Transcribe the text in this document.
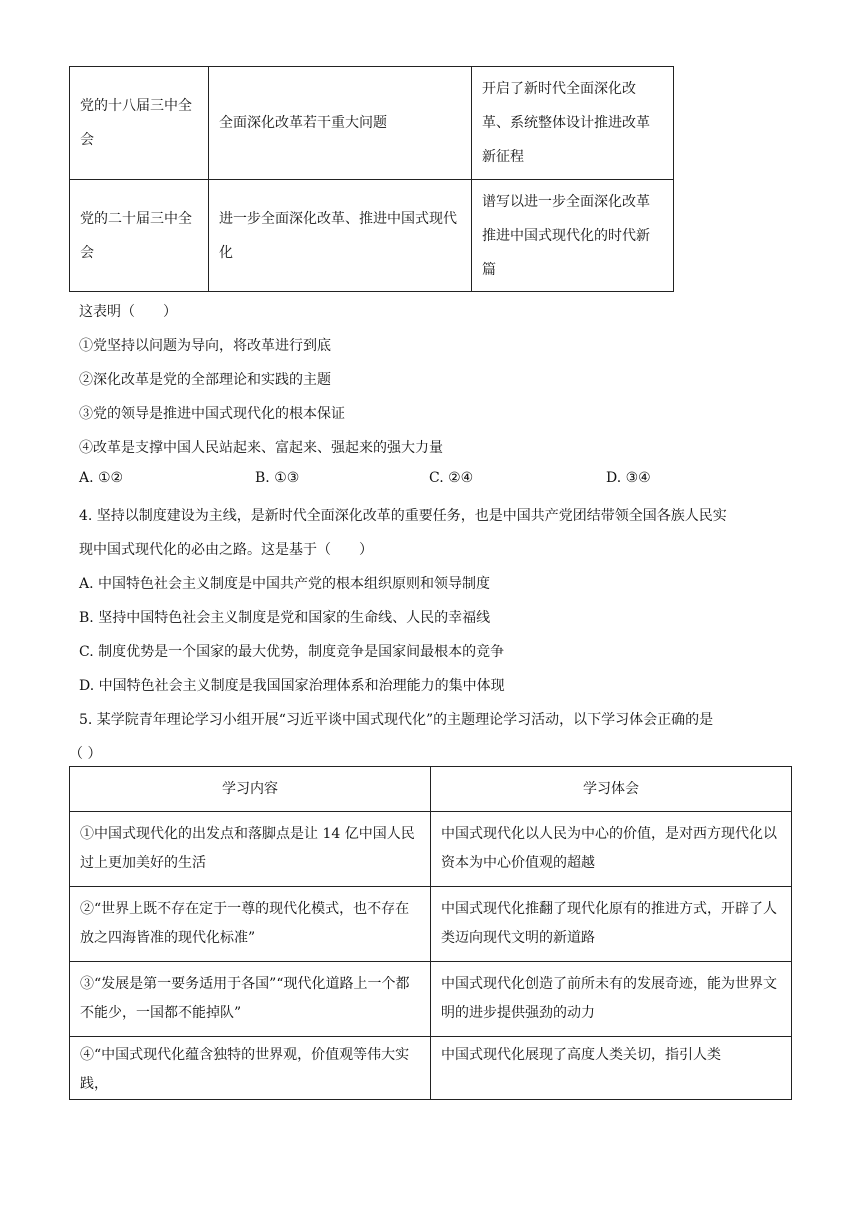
党的十八届三中全会	全面深化改革若干重大问题	开启了新时代全面深化改革、系统整体设计推进改革新征程
党的二十届三中全会	进一步全面深化改革、推进中国式现代化	谱写以进一步全面深化改革推进中国式现代化的时代新篇
这表明（　　）
①党坚持以问题为导向，将改革进行到底
②深化改革是党的全部理论和实践的主题
③党的领导是推进中国式现代化的根本保证
④改革是支撑中国人民站起来、富起来、强起来的强大力量
A. ①②	B. ①③	C. ②④	D. ③④
4. 坚持以制度建设为主线，是新时代全面深化改革的重要任务，也是中国共产党团结带领全国各族人民实
现中国式现代化的必由之路。这是基于（　　）
A. 中国特色社会主义制度是中国共产党的根本组织原则和领导制度
B. 坚持中国特色社会主义制度是党和国家的生命线、人民的幸福线
C. 制度优势是一个国家的最大优势，制度竞争是国家间最根本的竞争
D. 中国特色社会主义制度是我国国家治理体系和治理能力的集中体现
5. 某学院青年理论学习小组开展“习近平谈中国式现代化”的主题理论学习活动，以下学习体会正确的是
（ ）
学习内容	学习体会
①中国式现代化的出发点和落脚点是让 14 亿中国人民过上更加美好的生活	中国式现代化以人民为中心的价值，是对西方现代化以资本为中心价值观的超越
②“世界上既不存在定于一尊的现代化模式，也不存在放之四海皆准的现代化标准”	中国式现代化推翻了现代化原有的推进方式，开辟了人类迈向现代文明的新道路
③“发展是第一要务适用于各国”“现代化道路上一个都不能少，一国都不能掉队”	中国式现代化创造了前所未有的发展奇迹，能为世界文明的进步提供强劲的动力
④“中国式现代化蕴含独特的世界观，价值观等伟大实践，	中国式现代化展现了高度人类关切，指引人类
